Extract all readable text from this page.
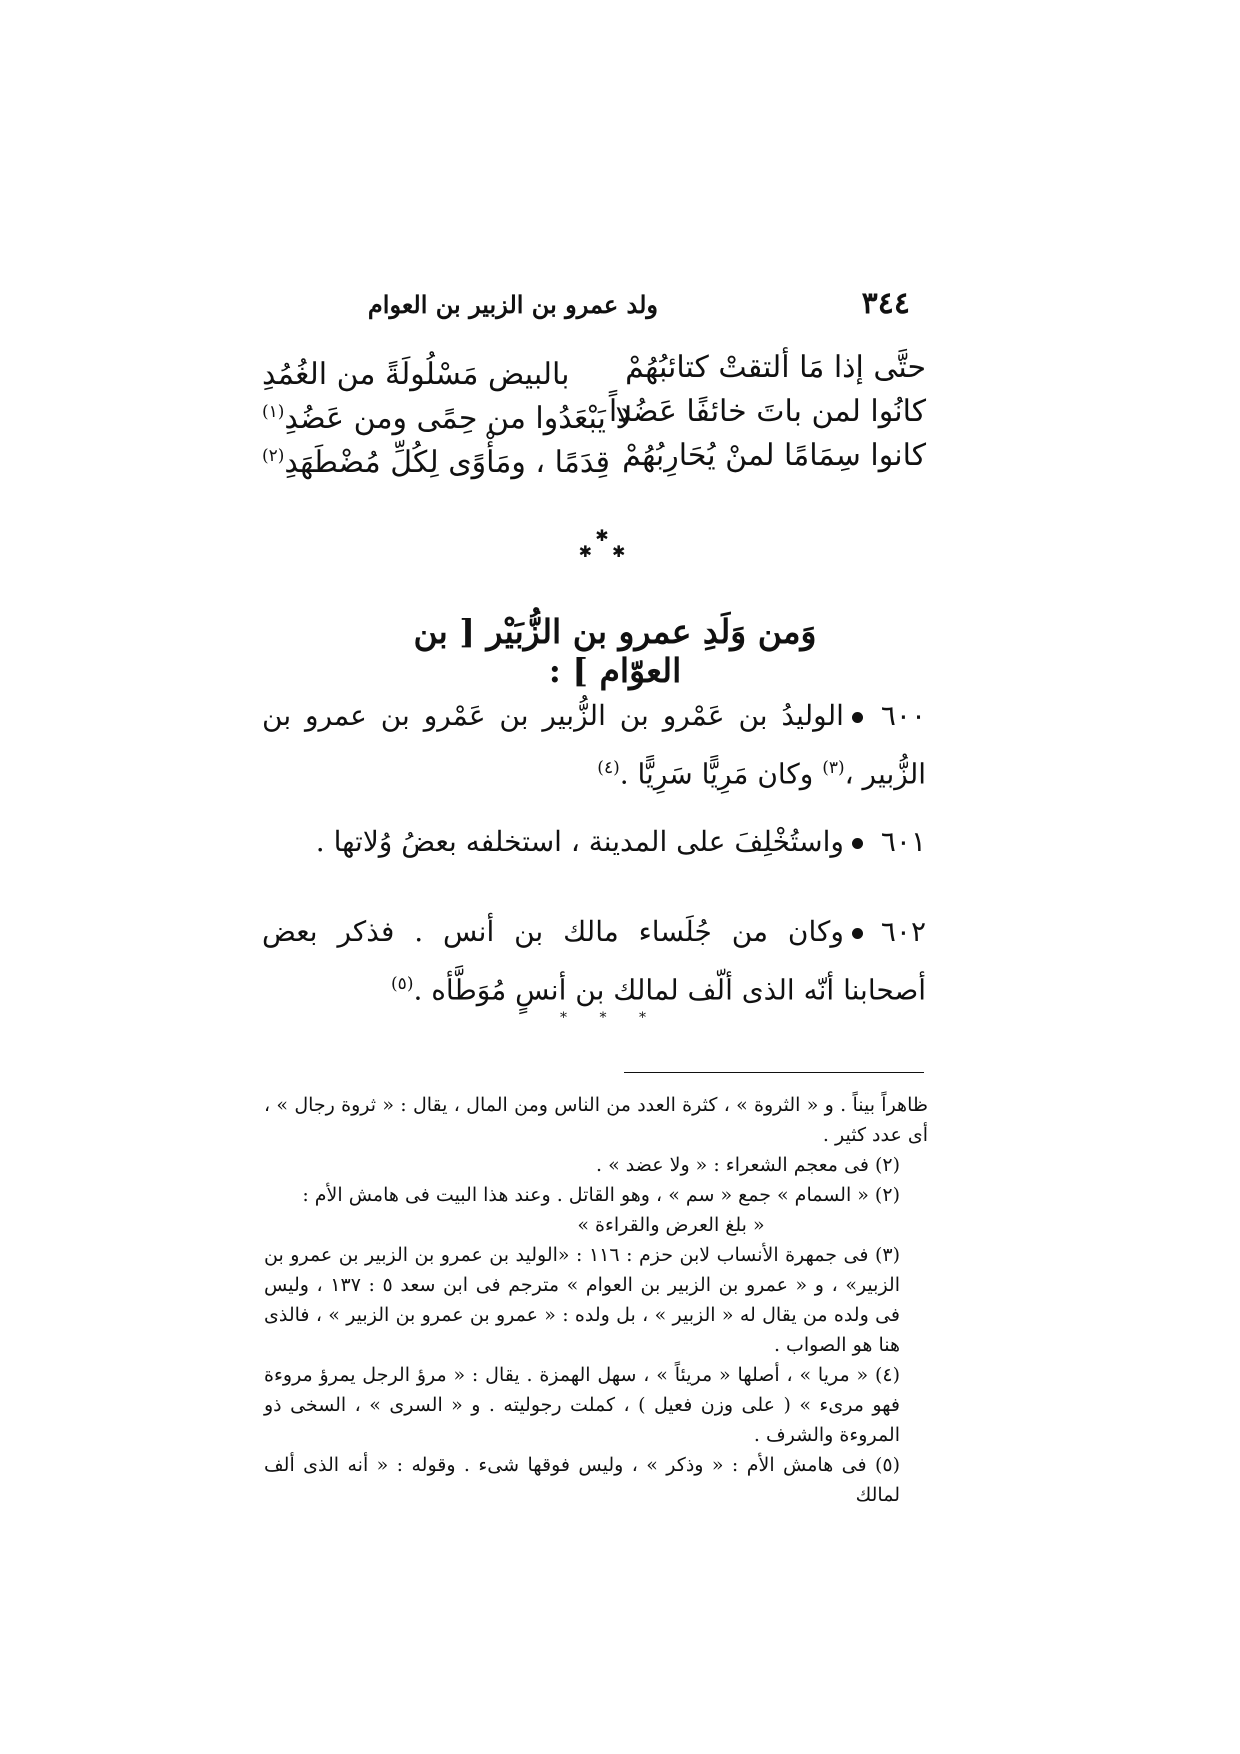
٣٤٤
ولد عمرو بن الزبير بن العوام
حتَّى إذا مَا ألتقتْ كتائبُهُمْ
بالبيض مَسْلُولَةً من الغُمُدِ
كانُوا لمن باتَ خائفًا عَضُداً
لا يَبْعَدُوا من حِمًى ومن عَضُدِ$^{(١)}$
كانوا سِمَامًا لمنْ يُحَارِبُهُمْ
قِدَمًا ، ومَأْوًى لِكُلِّ مُضْطَهَدِ$^{(٢)}$
✱
✱✱
وَمن وَلَدِ عمرو بن الزُّبَيْر [ بن العوّام ] :
٦٠٠الوليدُ بن عَمْرو بن الزُّبير بن عَمْرو بن عمرو بن الزُّبير ،$^{(٣)}$ وكان مَرِيًّا سَرِيًّا .$^{(٤)}$
٦٠١واستُخْلِفَ على المدينة ، استخلفه بعضُ وُلاتها .
٦٠٢وكان من جُلَساء مالك بن أنس . فذكر بعض أصحابنا أنّه الذى ألّف لمالك بن أنسٍ مُوَطَّأه .$^{(٥)}$
* * *

ظاهراً بيناً . و « الثروة » ، كثرة العدد من الناس ومن المال ، يقال : « ثروة رجال » ، أى عدد كثير .

(٢) فى معجم الشعراء : « ولا عضد » .

(٢) « السمام » جمع « سم » ، وهو القاتل . وعند هذا البيت فى هامش الأم :

« بلغ العرض والقراءة »

(٣) فى جمهرة الأنساب لابن حزم : ١١٦ : «الوليد بن عمرو بن الزبير بن عمرو بن الزبير» ، و « عمرو بن الزبير بن العوام » مترجم فى ابن سعد ٥ : ١٣٧ ، وليس فى ولده من يقال له « الزبير » ، بل ولده : « عمرو بن عمرو بن الزبير » ، فالذى هنا هو الصواب .

(٤) « مريا » ، أصلها « مريئاً » ، سهل الهمزة . يقال : « مرؤ الرجل يمرؤ مروءة فهو مرىء » ( على وزن فعيل ) ، كملت رجوليته . و « السرى » ، السخى ذو المروءة والشرف .

(٥) فى هامش الأم : « وذكر » ، وليس فوقها شىء . وقوله : « أنه الذى ألف لمالك
